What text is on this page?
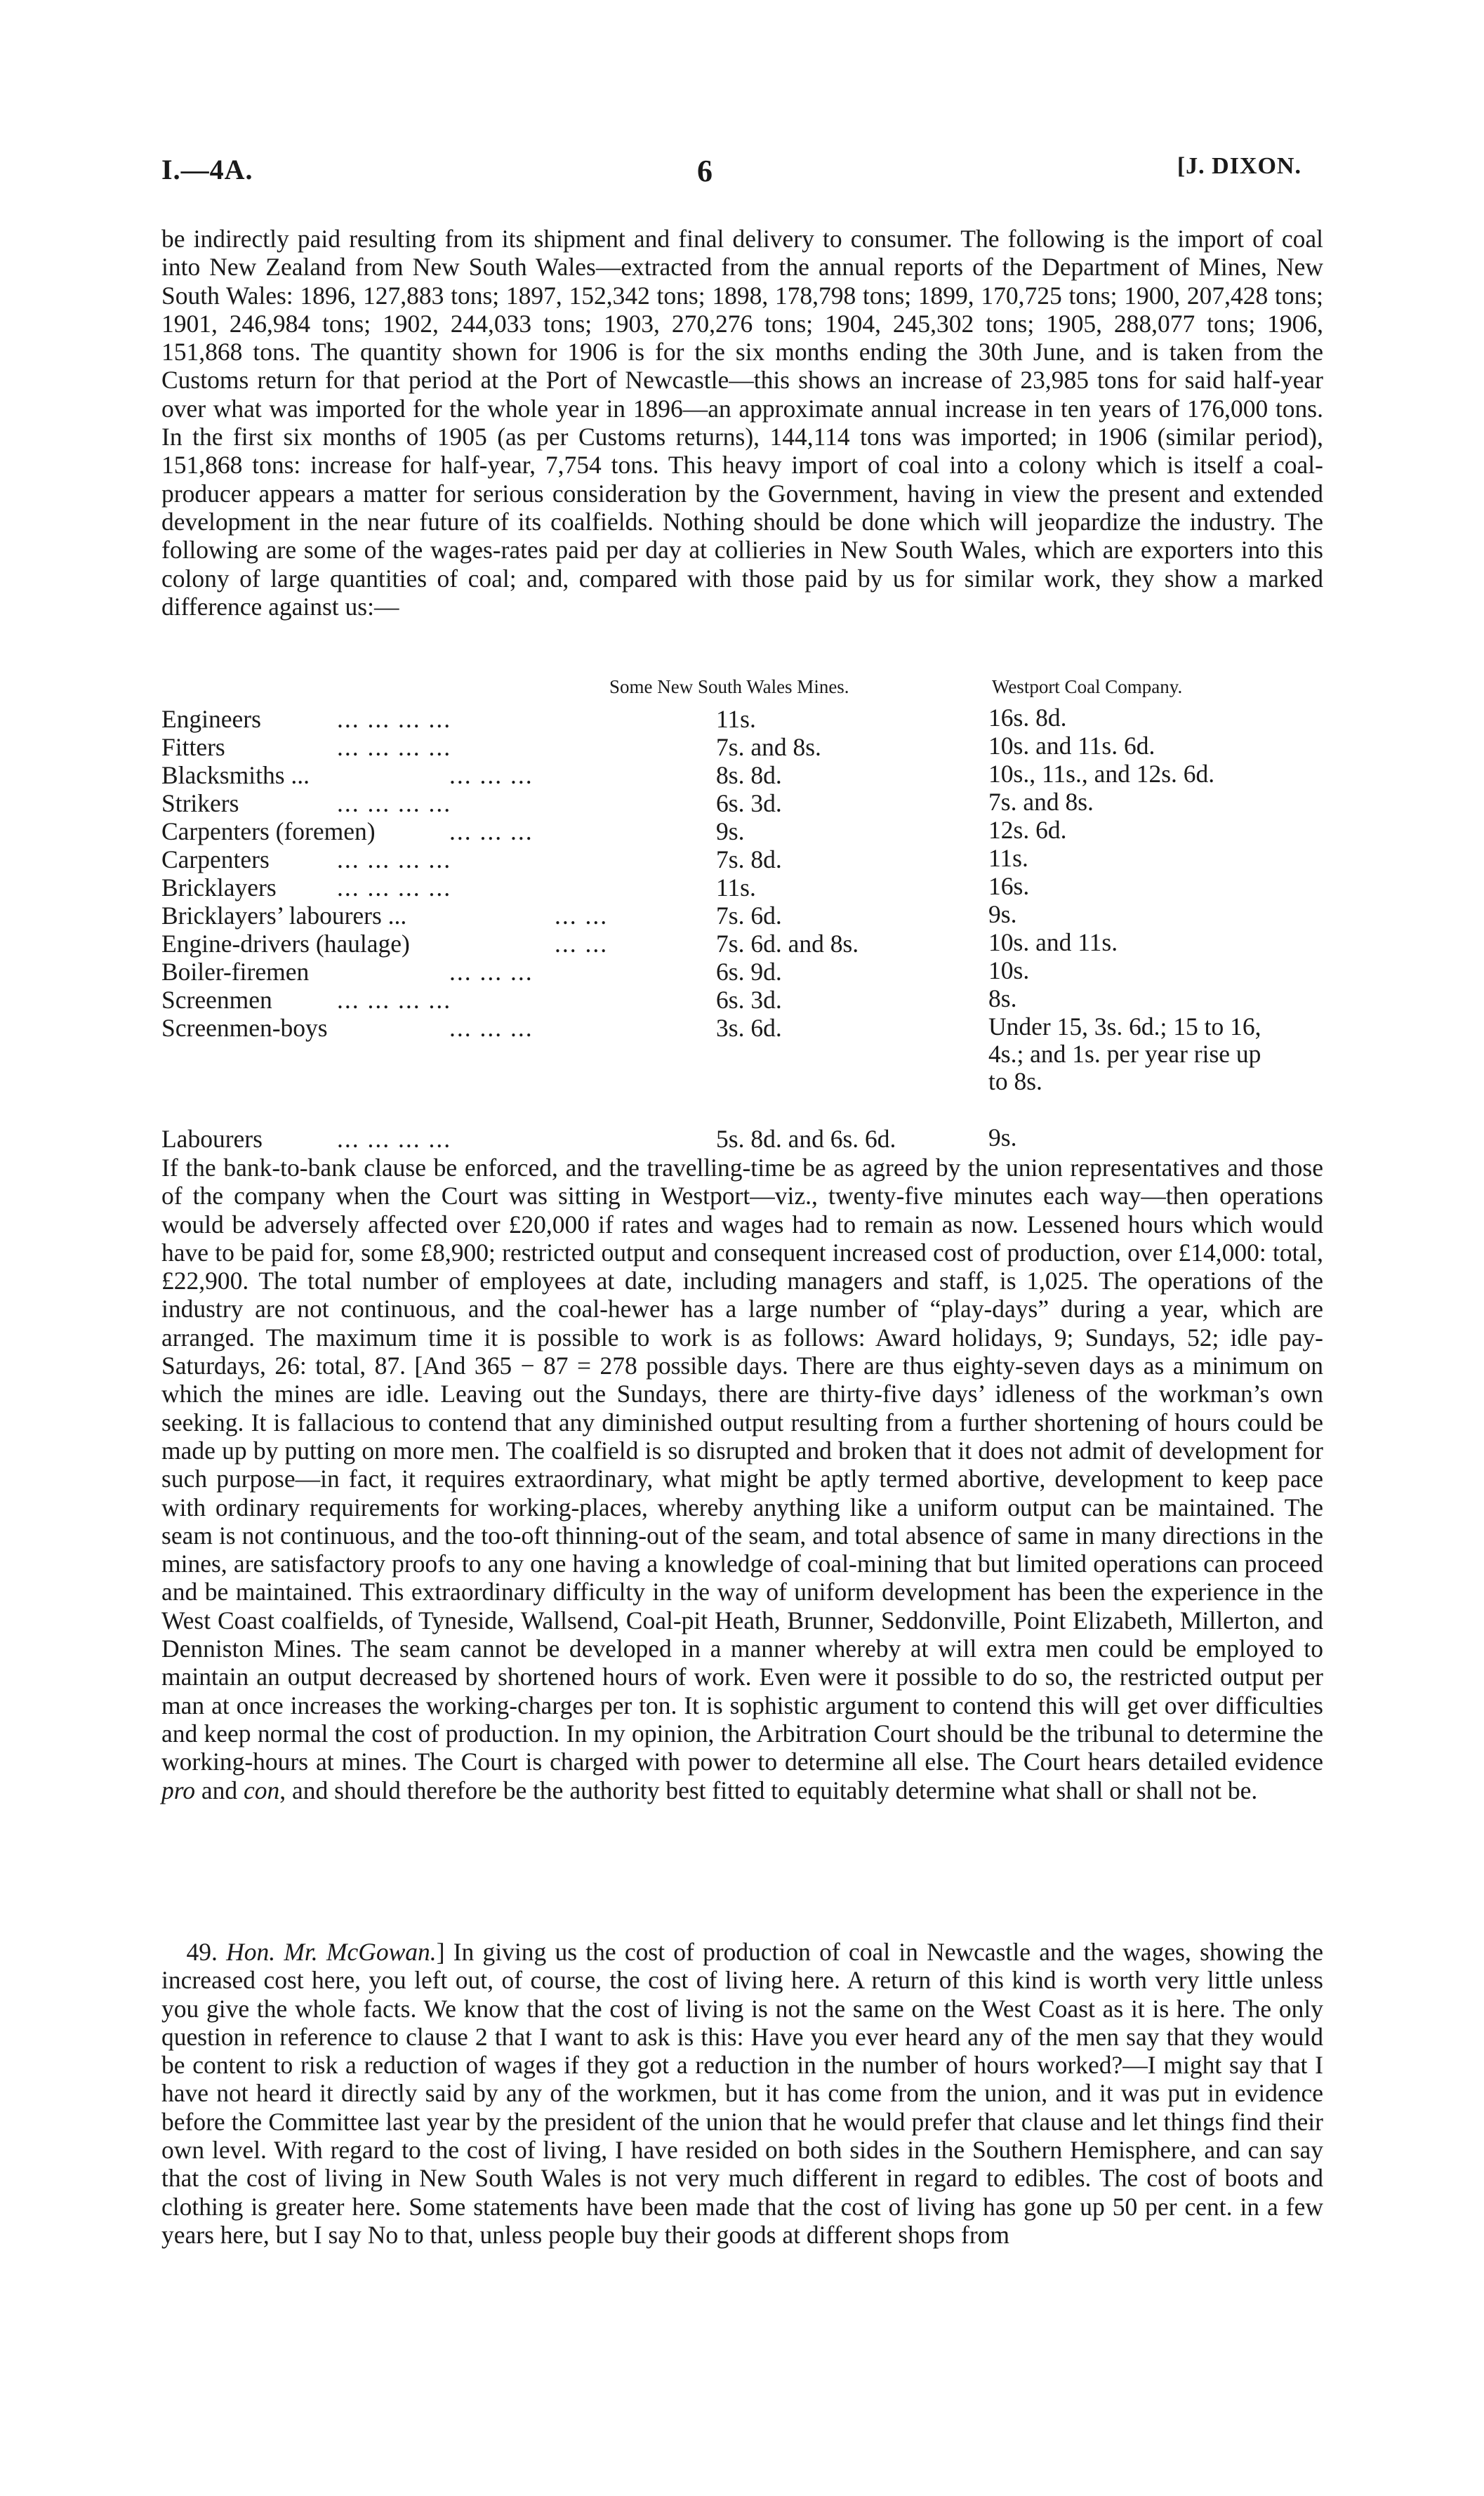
I.—4A.	6	[J. DIXON.

be indirectly paid resulting from its shipment and final delivery to consumer. The following is the import of coal into New Zealand from New South Wales—extracted from the annual reports of the Department of Mines, New South Wales: 1896, 127,883 tons; 1897, 152,342 tons; 1898, 178,798 tons; 1899, 170,725 tons; 1900, 207,428 tons; 1901, 246,984 tons; 1902, 244,033 tons; 1903, 270,276 tons; 1904, 245,302 tons; 1905, 288,077 tons; 1906, 151,868 tons. The quantity shown for 1906 is for the six months ending the 30th June, and is taken from the Customs return for that period at the Port of Newcastle—this shows an increase of 23,985 tons for said half-year over what was imported for the whole year in 1896—an approximate annual increase in ten years of 176,000 tons. In the first six months of 1905 (as per Customs returns), 144,114 tons was imported; in 1906 (similar period), 151,868 tons: increase for half-year, 7,754 tons. This heavy import of coal into a colony which is itself a coal-producer appears a matter for serious consideration by the Government, having in view the present and extended development in the near future of its coalfields. Nothing should be done which will jeopardize the industry. The following are some of the wages-rates paid per day at collieries in New South Wales, which are exporters into this colony of large quantities of coal; and, compared with those paid by us for similar work, they show a marked difference against us:—

Some New South Wales Mines.	Westport Coal Company.
Engineers	... ... ... ...	11s.	16s. 8d.
Fitters	... ... ... ...	7s. and 8s.	10s. and 11s. 6d.
Blacksmiths ...	... ... ...	8s. 8d.	10s., 11s., and 12s. 6d.
Strikers	... ... ... ...	6s. 3d.	7s. and 8s.
Carpenters (foremen)	... ... ...	9s.	12s. 6d.
Carpenters	... ... ... ...	7s. 8d.	11s.
Bricklayers ... ... ... ...	11s.	16s.
Bricklayers’ labourers ...	... ...	7s. 6d.	9s.
Engine-drivers (haulage)	... ...	7s. 6d. and 8s.	10s. and 11s.
Boiler-firemen	... ... ...	6s. 9d.	10s.
Screenmen	... ... ... ...	6s. 3d.	8s.
Screenmen-boys	... ... ...	3s. 6d.	Under 15, 3s. 6d.; 15 to 16, 4s.; and 1s. per year rise up to 8s.
Labourers	... ... ... ...	5s. 8d. and 6s. 6d.	9s.

If the bank-to-bank clause be enforced, and the travelling-time be as agreed by the union representatives and those of the company when the Court was sitting in Westport—viz., twenty-five minutes each way—then operations would be adversely affected over £20,000 if rates and wages had to remain as now. Lessened hours which would have to be paid for, some £8,900; restricted output and consequent increased cost of production, over £14,000: total, £22,900. The total number of employees at date, including managers and staff, is 1,025. The operations of the industry are not continuous, and the coal-hewer has a large number of “play-days” during a year, which are arranged. The maximum time it is possible to work is as follows: Award holidays, 9; Sundays, 52; idle pay-Saturdays, 26: total, 87. [And 365 − 87 = 278 possible days. There are thus eighty-seven days as a minimum on which the mines are idle. Leaving out the Sundays, there are thirty-five days’ idleness of the workman’s own seeking. It is fallacious to contend that any diminished output resulting from a further shortening of hours could be made up by putting on more men. The coalfield is so disrupted and broken that it does not admit of development for such purpose—in fact, it requires extraordinary, what might be aptly termed abortive, development to keep pace with ordinary requirements for working-places, whereby anything like a uniform output can be maintained. The seam is not continuous, and the too-oft thinning-out of the seam, and total absence of same in many directions in the mines, are satisfactory proofs to any one having a knowledge of coal-mining that but limited operations can proceed and be maintained. This extraordinary difficulty in the way of uniform development has been the experience in the West Coast coalfields, of Tyneside, Wallsend, Coal-pit Heath, Brunner, Seddonville, Point Elizabeth, Millerton, and Denniston Mines. The seam cannot be developed in a manner whereby at will extra men could be employed to maintain an output decreased by shortened hours of work. Even were it possible to do so, the restricted output per man at once increases the working-charges per ton. It is sophistic argument to contend this will get over difficulties and keep normal the cost of production. In my opinion, the Arbitration Court should be the tribunal to determine the working-hours at mines. The Court is charged with power to determine all else. The Court hears detailed evidence pro and con, and should therefore be the authority best fitted to equitably determine what shall or shall not be.

 49. Hon. Mr. McGowan.] In giving us the cost of production of coal in Newcastle and the wages, showing the increased cost here, you left out, of course, the cost of living here. A return of this kind is worth very little unless you give the whole facts. We know that the cost of living is not the same on the West Coast as it is here. The only question in reference to clause 2 that I want to ask is this: Have you ever heard any of the men say that they would be content to risk a reduction of wages if they got a reduction in the number of hours worked?—I might say that I have not heard it directly said by any of the workmen, but it has come from the union, and it was put in evidence before the Committee last year by the president of the union that he would prefer that clause and let things find their own level. With regard to the cost of living, I have resided on both sides in the Southern Hemisphere, and can say that the cost of living in New South Wales is not very much different in regard to edibles. The cost of boots and clothing is greater here. Some statements have been made that the cost of living has gone up 50 per cent. in a few years here, but I say No to that, unless people buy their goods at different shops from
